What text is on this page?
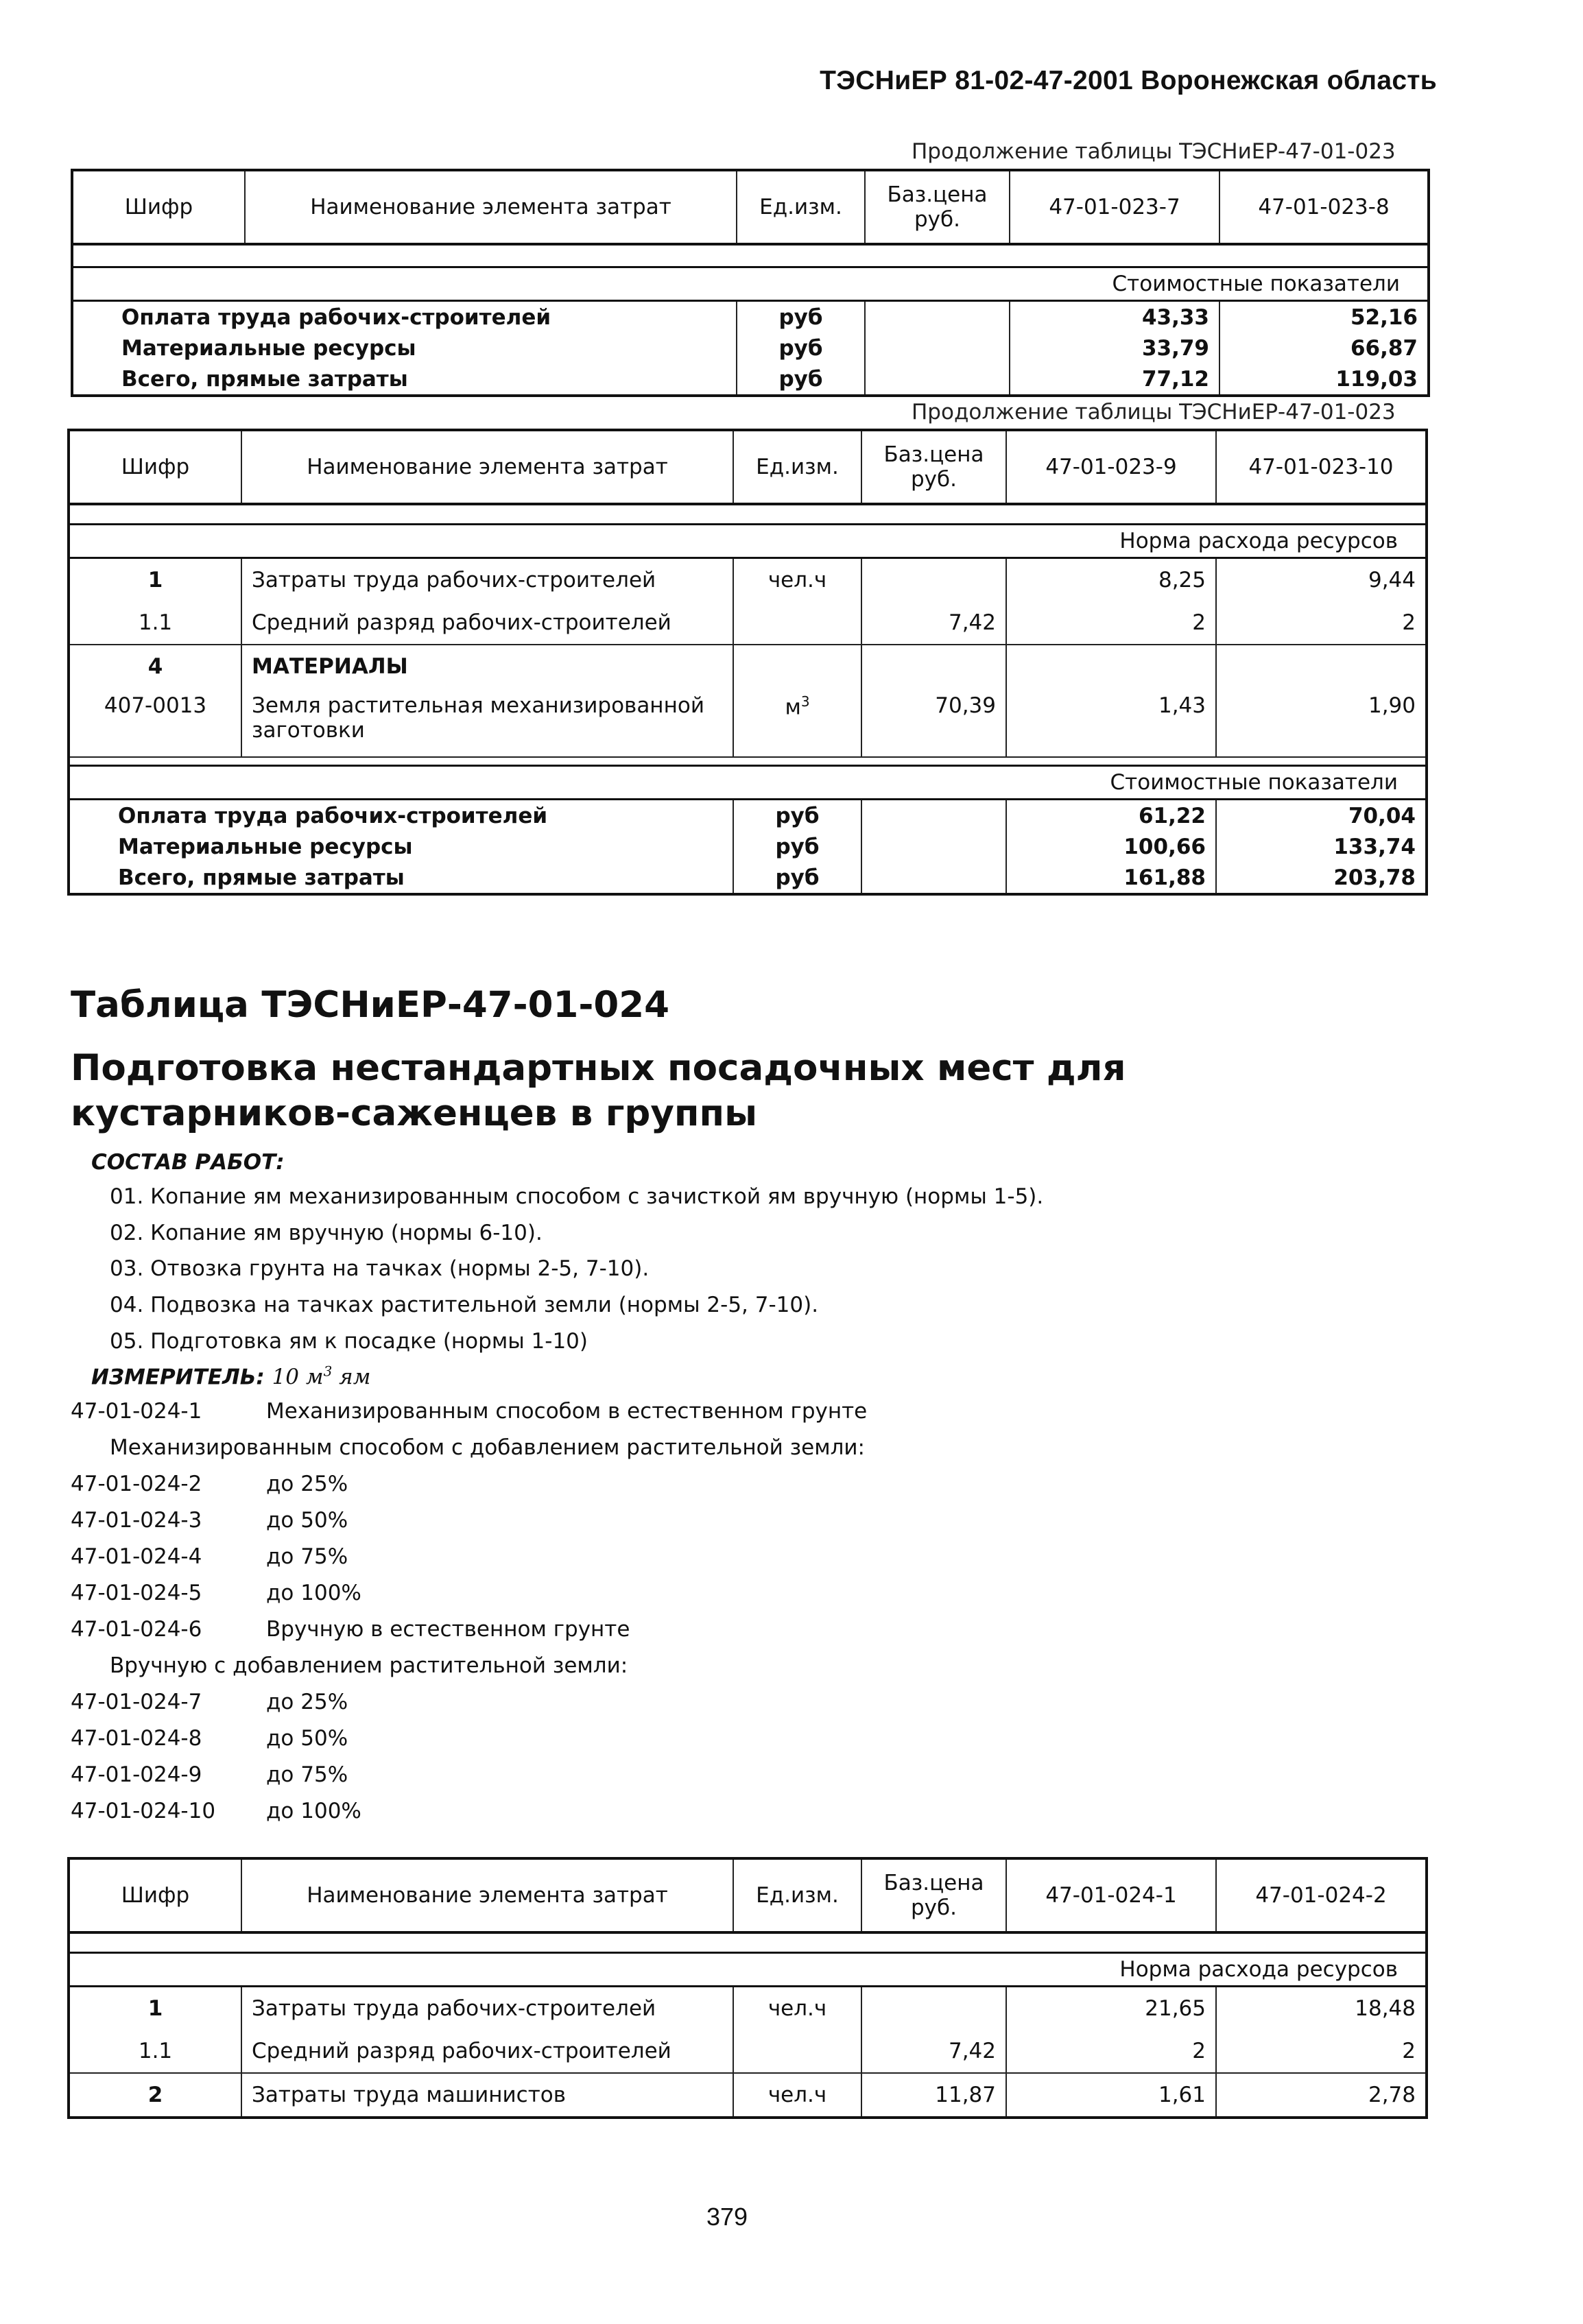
ТЭСНиЕР 81-02-47-2001 Воронежская область
Продолжение таблицы ТЭСНиЕР-47-01-023
Шифр	Наименование элемента затрат	Ед.изм.	Баз.цена руб.	47-01-023-7	47-01-023-8

Стоимостные показатели					
Оплата труда рабочих-строителей		руб		43,33	52,16
Материальные ресурсы		руб		33,79	66,87
Всего, прямые затраты		руб		77,12	119,03
Продолжение таблицы ТЭСНиЕР-47-01-023
Шифр	Наименование элемента затрат	Ед.изм.	Баз.цена руб.	47-01-023-9	47-01-023-10

Норма расхода ресурсов					
1	Затраты труда рабочих-строителей	чел.ч		8,25	9,44
1.1	Средний разряд рабочих-строителей		7,42	2	2
4	МАТЕРИАЛЫ				
407-0013	Земля растительная механизированной заготовки	$м^3$	70,39	1,43	1,90

Стоимостные показатели					
Оплата труда рабочих-строителей		руб		61,22	70,04
Материальные ресурсы		руб		100,66	133,74
Всего, прямые затраты		руб		161,88	203,78
Таблица ТЭСНиЕР-47-01-024
Подготовка нестандартных посадочных мест для кустарников-саженцев в группы
СОСТАВ РАБОТ:
01. Копание ям механизированным способом с зачисткой ям вручную (нормы 1-5).
02. Копание ям вручную (нормы 6-10).
03. Отвозка грунта на тачках (нормы 2-5, 7-10).
04. Подвозка на тачках растительной земли (нормы 2-5, 7-10).
05. Подготовка ям к посадке (нормы 1-10)
ИЗМЕРИТЕЛЬ: 10 $м^3$ ям
47-01-024-1	Механизированным способом в естественном грунте
Механизированным способом с добавлением растительной земли:
47-01-024-2	до 25%
47-01-024-3	до 50%
47-01-024-4	до 75%
47-01-024-5	до 100%
47-01-024-6	Вручную в естественном грунте
Вручную с добавлением растительной земли:
47-01-024-7	до 25%
47-01-024-8	до 50%
47-01-024-9	до 75%
47-01-024-10 до 100%
Шифр	Наименование элемента затрат	Ед.изм.	Баз.цена руб.	47-01-024-1	47-01-024-2

Норма расхода ресурсов					
1	Затраты труда рабочих-строителей	чел.ч		21,65	18,48
1.1	Средний разряд рабочих-строителей		7,42	2	2
2	Затраты труда машинистов	чел.ч	11,87	1,61	2,78
379
